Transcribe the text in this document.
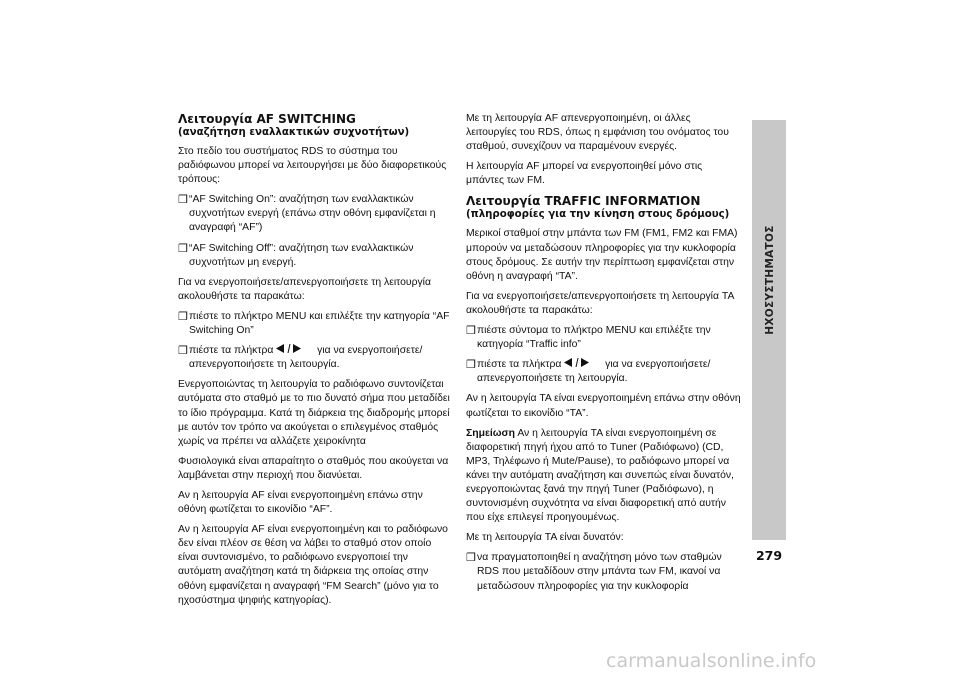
Λειτουργία AF SWITCHING
(αναζήτηση εναλλακτικών συχνοτήτων)

Στο πεδίο του συστήματος RDS το σύστημα του ραδιόφωνου μπορεί να λειτουργήσει με δύο διαφορετικούς τρόπους:

❒ “AF Switching On”: αναζήτηση των εναλλακτικών συχνοτήτων ενεργή (επάνω στην οθόνη εμφανίζεται η αναγραφή “AF”)
❒ “AF Switching Off”: αναζήτηση των εναλλακτικών συχνοτήτων μη ενεργή.

Για να ενεργοποιήσετε/απενεργοποιήσετε τη λειτουργία ακολουθήστε τα παρακάτω:

❒ πιέστε το πλήκτρο MENU και επιλέξτε την κατηγορία “AF Switching On”
❒ πιέστε τα πλήκτρα	για να ενεργοποιήσετε/απενεργοποιήσετε τη λειτουργία.

Ενεργοποιώντας τη λειτουργία το ραδιόφωνο συντονίζεται αυτόματα στο σταθμό με το πιο δυνατό σήμα που μεταδίδει το ίδιο πρόγραμμα. Κατά τη διάρκεια της διαδρομής μπορεί με αυτόν τον τρόπο να ακούγεται ο επιλεγμένος σταθμός χωρίς να πρέπει να αλλάζετε χειροκίνητα

Φυσιολογικά είναι απαραίτητο ο σταθμός που ακούγεται να λαμβάνεται στην περιοχή που διανύεται.

Αν η λειτουργία AF είναι ενεργοποιημένη επάνω στην οθόνη φωτίζεται το εικονίδιο “AF”.

Αν η λειτουργία AF είναι ενεργοποιημένη και το ραδιόφωνο δεν είναι πλέον σε θέση να λάβει το σταθμό στον οποίο είναι συντονισμένο, το ραδιόφωνο ενεργοποιεί την αυτόματη αναζήτηση κατά τη διάρκεια της οποίας στην οθόνη εμφανίζεται η αναγραφή “FM Search” (μόνο για το ηχοσύστημα ψηφιής κατηγορίας).

Με τη λειτουργία AF απενεργοποιημένη, οι άλλες λειτουργίες του RDS, όπως η εμφάνιση του ονόματος του σταθμού, συνεχίζουν να παραμένουν ενεργές.

Η λειτουργία AF μπορεί να ενεργοποιηθεί μόνο στις μπάντες των FM.

Λειτουργία TRAFFIC INFORMATION
(πληροφορίες για την κίνηση στους δρόμους)

Μερικοί σταθμοί στην μπάντα των FM (FM1, FM2 και FMA) μπορούν να μεταδώσουν πληροφορίες για την κυκλοφορία στους δρόμους. Σε αυτήν την περίπτωση εμφανίζεται στην οθόνη η αναγραφή “TA”.

Για να ενεργοποιήσετε/απενεργοποιήσετε τη λειτουργία TA ακολουθήστε τα παρακάτω:

❒ πιέστε σύντομα το πλήκτρο MENU και επιλέξτε την κατηγορία “Traffic info”
❒ πιέστε τα πλήκτρα	για να ενεργοποιήσετε/απενεργοποιήσετε τη λειτουργία.

Αν η λειτουργία TA είναι ενεργοποιημένη επάνω στην οθόνη φωτίζεται το εικονίδιο “TA”.

Σημείωση Αν η λειτουργία TA είναι ενεργοποιημένη σε διαφορετική πηγή ήχου από το Tuner (Ραδιόφωνο) (CD, MP3, Τηλέφωνο ή Mute/Pause), το ραδιόφωνο μπορεί να κάνει την αυτόματη αναζήτηση και συνεπώς είναι δυνατόν, ενεργοποιώντας ξανά την πηγή Tuner (Ραδιόφωνο), η συντονισμένη συχνότητα να είναι διαφορετική από αυτήν που είχε επιλεγεί προηγουμένως.

Με τη λειτουργία TA είναι δυνατόν:

❒ να πραγματοποιηθεί η αναζήτηση μόνο των σταθμών RDS που μεταδίδουν στην μπάντα των FM, ικανοί να μεταδώσουν πληροφορίες για την κυκλοφορία
ΗΧΟΣΥΣΤΗΜΑΤΟΣ
279
carmanualsonline.info
